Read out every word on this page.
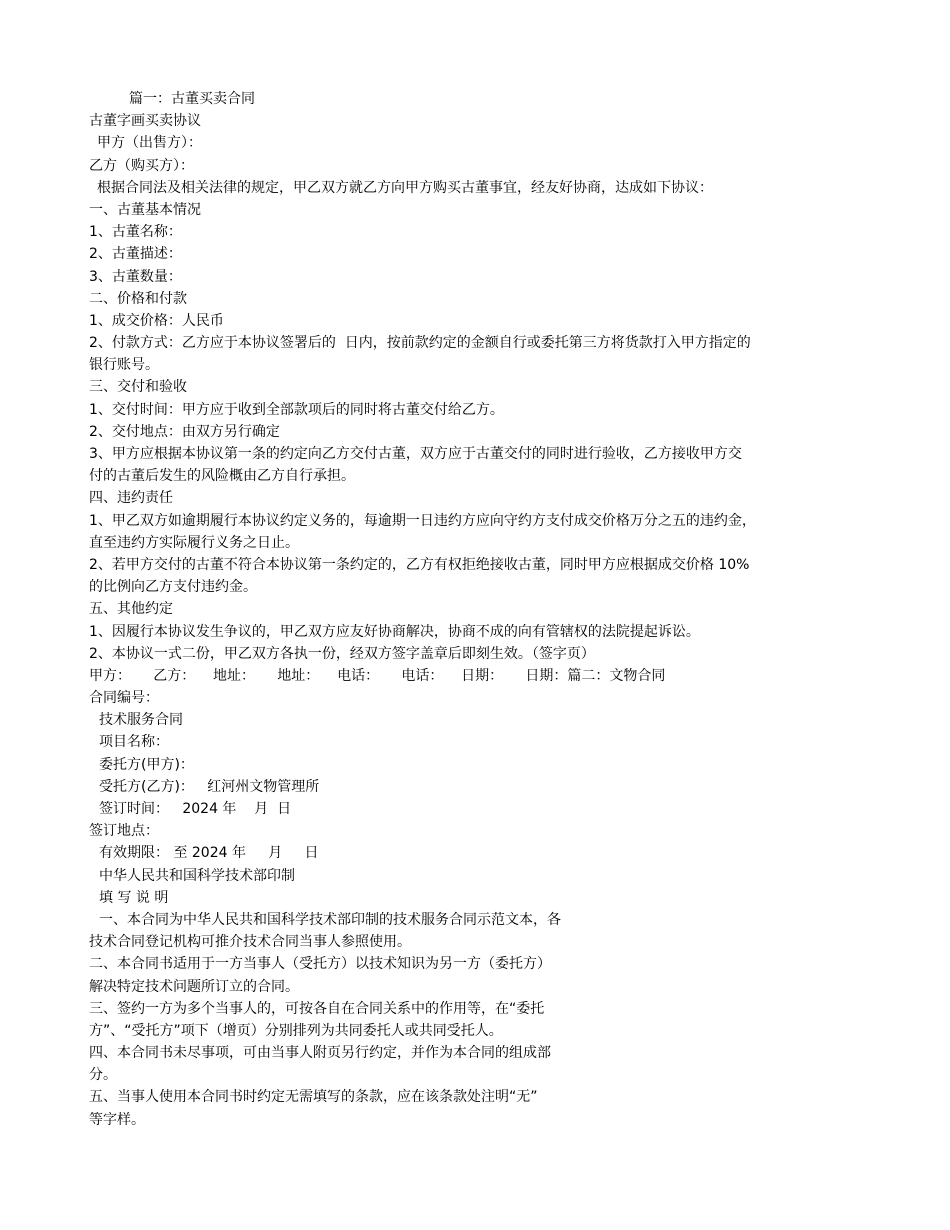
篇一：古董买卖合同
古董字画买卖协议
甲方（出售方）：
乙方（购买方）：
根据合同法及相关法律的规定，甲乙双方就乙方向甲方购买古董事宜，经友好协商，达成如下协议：
一、古董基本情况
1、古董名称：
2、古董描述：
3、古董数量：
二、价格和付款
1、成交价格：人民币
2、付款方式：乙方应于本协议签署后的  日内，按前款约定的金额自行或委托第三方将货款打入甲方指定的
银行账号。
三、交付和验收
1、交付时间：甲方应于收到全部款项后的同时将古董交付给乙方。
2、交付地点：由双方另行确定
3、甲方应根据本协议第一条的约定向乙方交付古董，双方应于古董交付的同时进行验收，乙方接收甲方交
付的古董后发生的风险概由乙方自行承担。
四、违约责任
1、甲乙双方如逾期履行本协议约定义务的，每逾期一日违约方应向守约方支付成交价格万分之五的违约金，
直至违约方实际履行义务之日止。
2、若甲方交付的古董不符合本协议第一条约定的，乙方有权拒绝接收古董，同时甲方应根据成交价格 10%
的比例向乙方支付违约金。
五、其他约定
1、因履行本协议发生争议的，甲乙双方应友好协商解决，协商不成的向有管辖权的法院提起诉讼。
2、本协议一式二份，甲乙双方各执一份，经双方签字盖章后即刻生效。（签字页）
甲方：     乙方：    地址：     地址：    电话：     电话：    日期：     日期：篇二：文物合同
合同编号：
技术服务合同
项目名称：
委托方(甲方)：
受托方(乙方)：   红河州文物管理所
签订时间：   2024 年    月  日
签订地点：
有效期限： 至 2024 年     月     日
中华人民共和国科学技术部印制
填 写 说 明
一、本合同为中华人民共和国科学技术部印制的技术服务合同示范文本，各
技术合同登记机构可推介技术合同当事人参照使用。
二、本合同书适用于一方当事人（受托方）以技术知识为另一方（委托方）
解决特定技术问题所订立的合同。
三、签约一方为多个当事人的，可按各自在合同关系中的作用等，在“委托
方”、“受托方”项下（增页）分别排列为共同委托人或共同受托人。
四、本合同书未尽事项，可由当事人附页另行约定，并作为本合同的组成部
分。
五、当事人使用本合同书时约定无需填写的条款，应在该条款处注明“无”
等字样。
